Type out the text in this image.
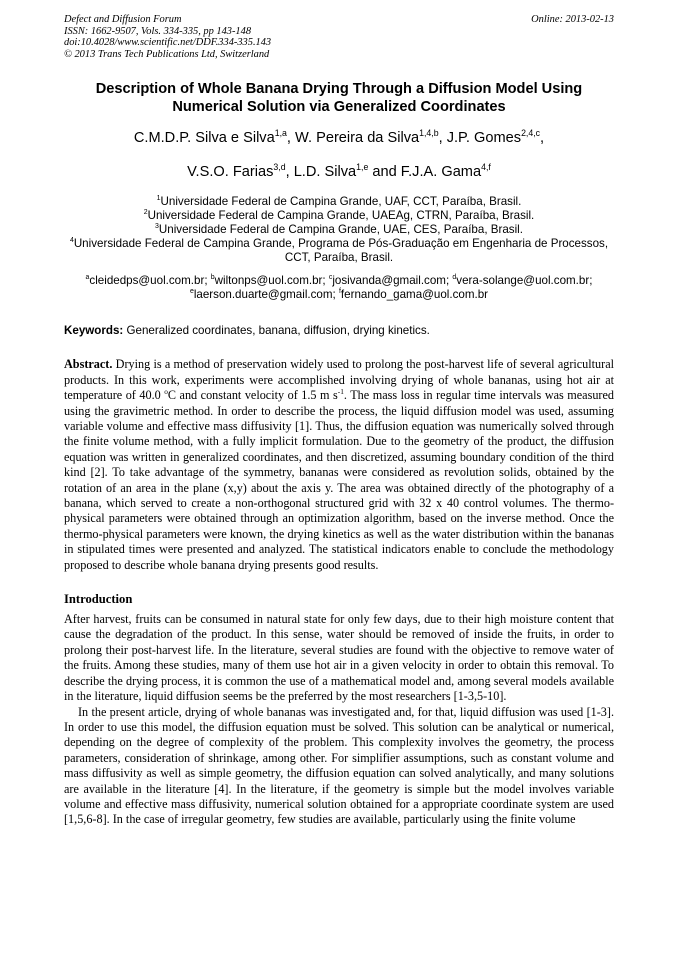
Defect and Diffusion Forum
ISSN: 1662-9507, Vols. 334-335, pp 143-148
doi:10.4028/www.scientific.net/DDF.334-335.143
© 2013 Trans Tech Publications Ltd, Switzerland
Online: 2013-02-13
Description of Whole Banana Drying Through a Diffusion Model Using Numerical Solution via Generalized Coordinates
C.M.D.P. Silva e Silva$^{1,a}$, W. Pereira da Silva$^{1,4,b}$, J.P. Gomes$^{2,4,c}$,
V.S.O. Farias$^{3,d}$, L.D. Silva$^{1,e}$ and F.J.A. Gama$^{4,f}$
$^1$Universidade Federal de Campina Grande, UAF, CCT, Paraíba, Brasil.
$^2$Universidade Federal de Campina Grande, UAEAg, CTRN, Paraíba, Brasil.
$^3$Universidade Federal de Campina Grande, UAE, CES, Paraíba, Brasil.
$^4$Universidade Federal de Campina Grande, Programa de Pós-Graduação em Engenharia de Processos, CCT, Paraíba, Brasil.
$^a$cleidedps@uol.com.br; $^b$wiltonps@uol.com.br; $^c$josivanda@gmail.com; $^d$vera-solange@uol.com.br;
$^e$laerson.duarte@gmail.com; $^f$fernando_gama@uol.com.br
Keywords: Generalized coordinates, banana, diffusion, drying kinetics.
Abstract. Drying is a method of preservation widely used to prolong the post-harvest life of several agricultural products. In this work, experiments were accomplished involving drying of whole bananas, using hot air at temperature of 40.0 $^o$C and constant velocity of 1.5 m $s^{-1}$. The mass loss in regular time intervals was measured using the gravimetric method. In order to describe the process, the liquid diffusion model was used, assuming variable volume and effective mass diffusivity [1]. Thus, the diffusion equation was numerically solved through the finite volume method, with a fully implicit formulation. Due to the geometry of the product, the diffusion equation was written in generalized coordinates, and then discretized, assuming boundary condition of the third kind [2]. To take advantage of the symmetry, bananas were considered as revolution solids, obtained by the rotation of an area in the plane (x,y) about the axis y. The area was obtained directly of the photography of a banana, which served to create a non-orthogonal structured grid with 32 x 40 control volumes. The thermo-physical parameters were obtained through an optimization algorithm, based on the inverse method. Once the thermo-physical parameters were known, the drying kinetics as well as the water distribution within the bananas in stipulated times were presented and analyzed. The statistical indicators enable to conclude the methodology proposed to describe whole banana drying presents good results.
Introduction
After harvest, fruits can be consumed in natural state for only few days, due to their high moisture content that cause the degradation of the product. In this sense, water should be removed of inside the fruits, in order to prolong their post-harvest life. In the literature, several studies are found with the objective to remove water of the fruits. Among these studies, many of them use hot air in a given velocity in order to obtain this removal. To describe the drying process, it is common the use of a mathematical model and, among several models available in the literature, liquid diffusion seems be the preferred by the most researchers [1-3,5-10].
In the present article, drying of whole bananas was investigated and, for that, liquid diffusion was used [1-3]. In order to use this model, the diffusion equation must be solved. This solution can be analytical or numerical, depending on the degree of complexity of the problem. This complexity involves the geometry, the process parameters, consideration of shrinkage, among other. For simplifier assumptions, such as constant volume and mass diffusivity as well as simple geometry, the diffusion equation can solved analytically, and many solutions are available in the literature [4]. In the literature, if the geometry is simple but the model involves variable volume and effective mass diffusivity, numerical solution obtained for a appropriate coordinate system are used [1,5,6-8]. In the case of irregular geometry, few studies are available, particularly using the finite volume
